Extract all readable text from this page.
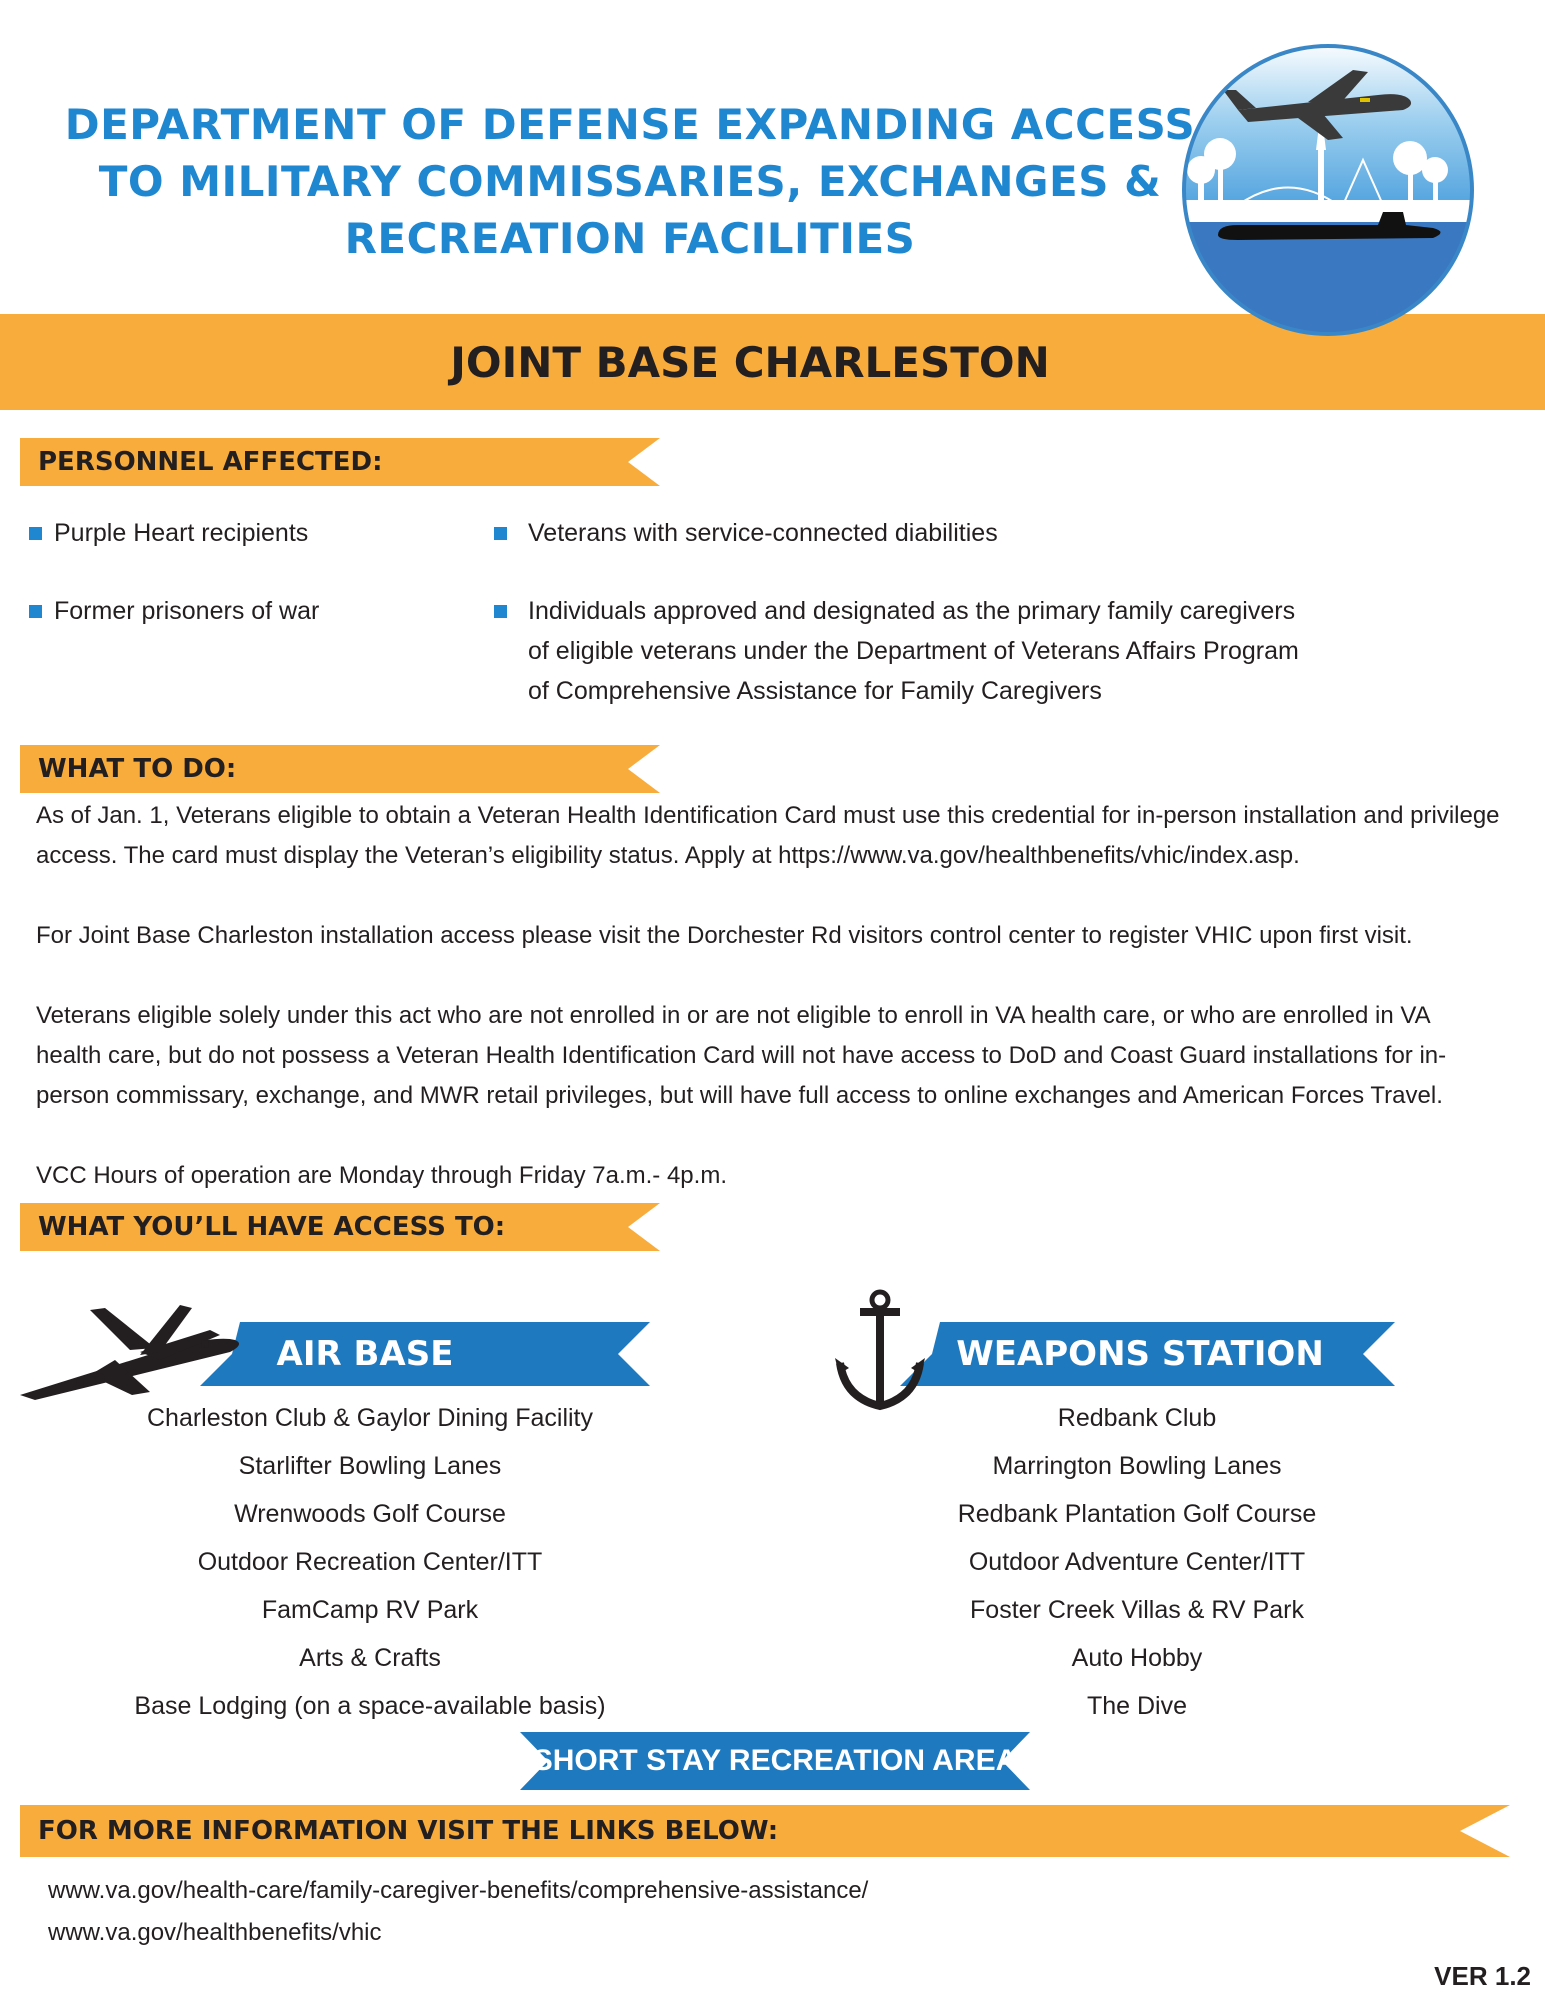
DEPARTMENT OF DEFENSE EXPANDING ACCESS
TO MILITARY COMMISSARIES, EXCHANGES &
RECREATION FACILITIES
JOINT BASE CHARLESTON
PERSONNEL AFFECTED:
Purple Heart recipients
Former prisoners of war
Veterans with service-connected diabilities
Individuals approved and designated as the primary family caregivers of eligible veterans under the Department of Veterans Affairs Program of Comprehensive Assistance for Family Caregivers
WHAT TO DO:

As of Jan. 1, Veterans eligible to obtain a Veteran Health Identification Card must use this credential for in-person installation and privilege access. The card must display the Veteran’s eligibility status. Apply at https://www.va.gov/healthbenefits/vhic/index.asp.

For Joint Base Charleston installation access please visit the Dorchester Rd visitors control center to register VHIC upon first visit.

Veterans eligible solely under this act who are not enrolled in or are not eligible to enroll in VA health care, or who are enrolled in VA health care, but do not possess a Veteran Health Identification Card will not have access to DoD and Coast Guard installations for in-person commissary, exchange, and MWR retail privileges, but will have full access to online exchanges and American Forces Travel.

VCC Hours of operation are Monday through Friday 7a.m.- 4p.m.

WHAT YOU’LL HAVE ACCESS TO:
AIR BASE	WEAPONS STATION
Charleston Club & Gaylor Dining Facility
Starlifter Bowling Lanes
Wrenwoods Golf Course
Outdoor Recreation Center/ITT
FamCamp RV Park
Arts & Crafts
Base Lodging (on a space-available basis)
Redbank Club
Marrington Bowling Lanes
Redbank Plantation Golf Course
Outdoor Adventure Center/ITT
Foster Creek Villas & RV Park
Auto Hobby
The Dive
SHORT STAY RECREATION AREA
FOR MORE INFORMATION VISIT THE LINKS BELOW:
www.va.gov/health-care/family-caregiver-benefits/comprehensive-assistance/
www.va.gov/healthbenefits/vhic
VER 1.2
